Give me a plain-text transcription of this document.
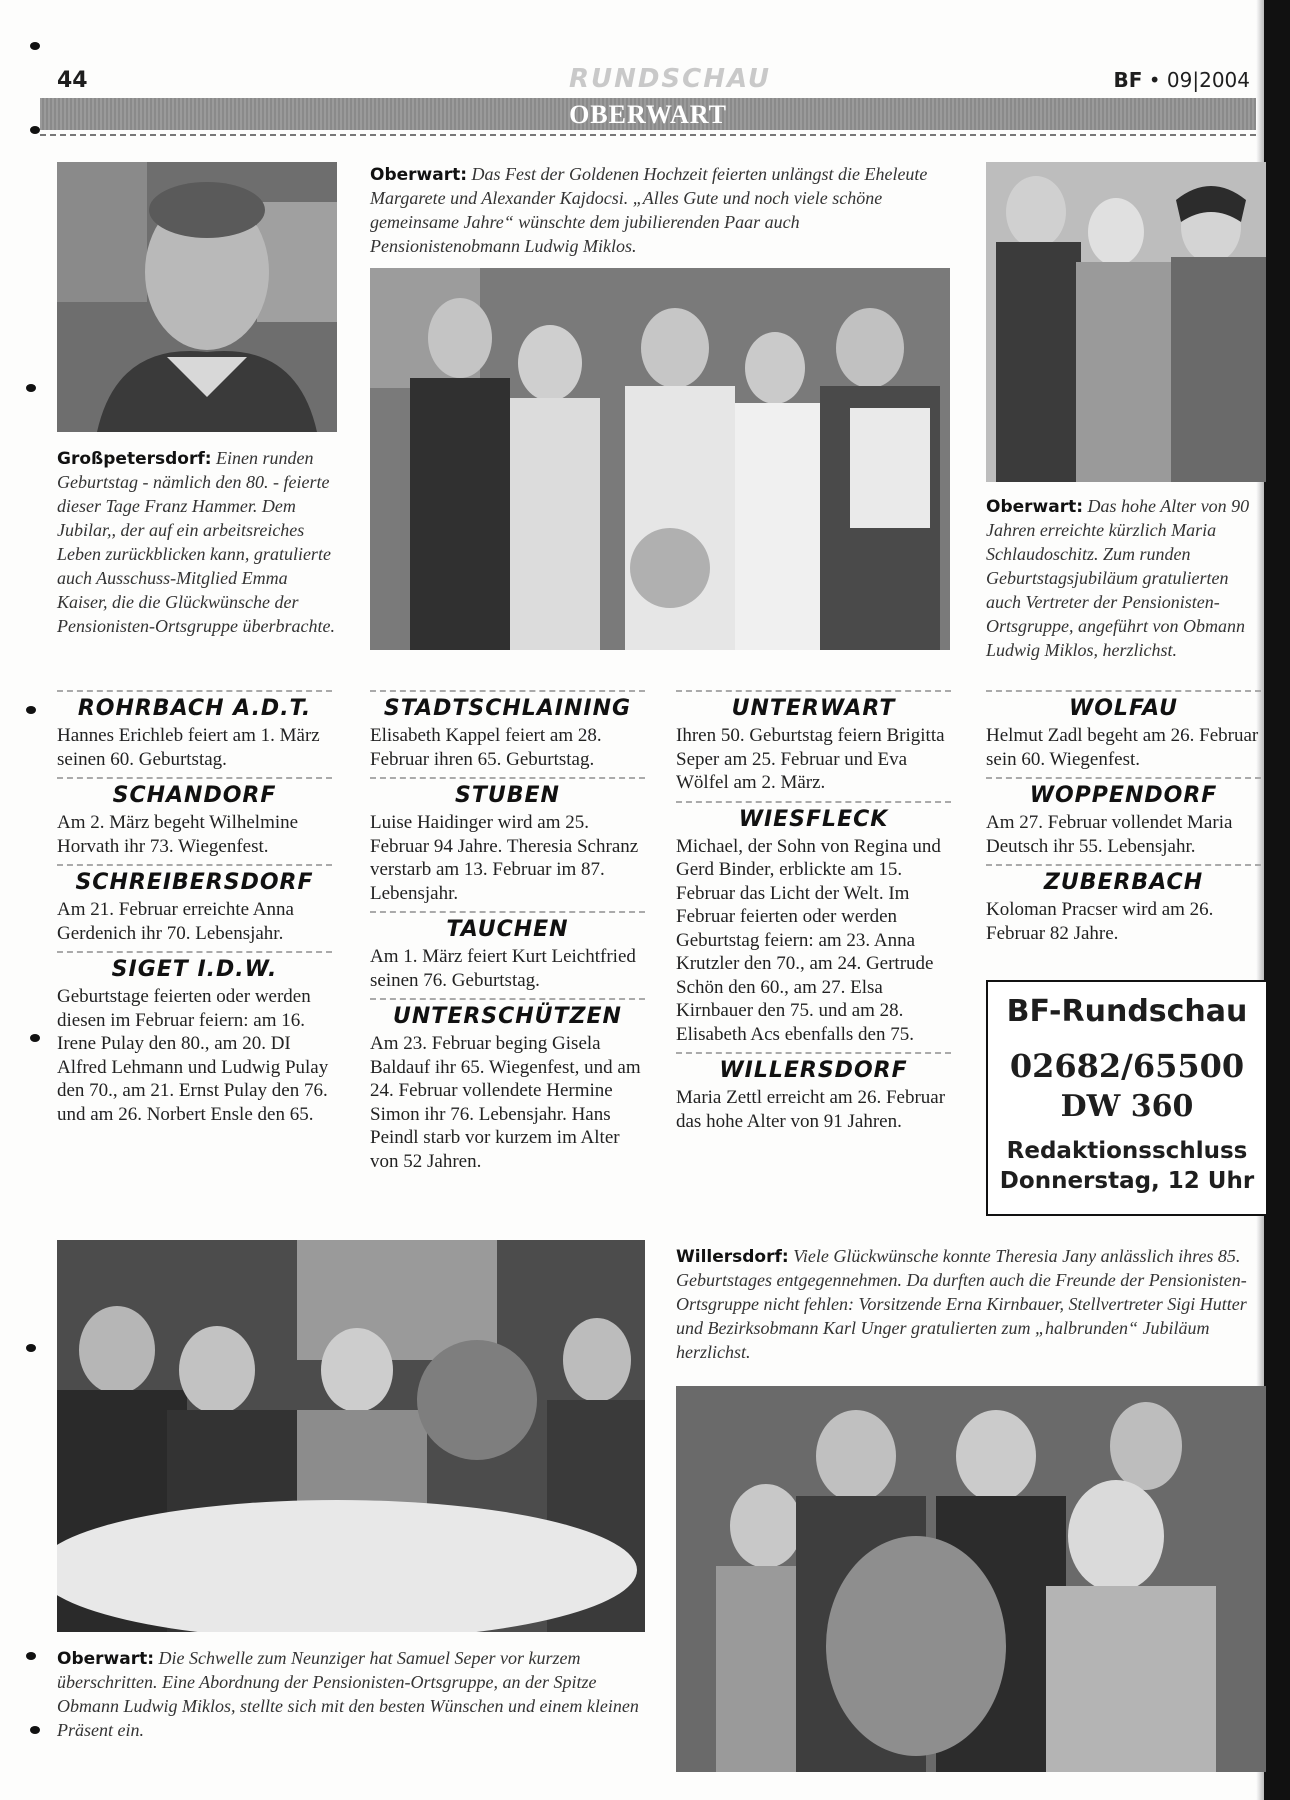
44	RUNDSCHAU	BF • 09|2004
OBERWART
Großpetersdorf: Einen runden Geburtstag - nämlich den 80. - feierte dieser Tage Franz Hammer. Dem Jubilar,, der auf ein arbeitsreiches Leben zurückblicken kann, gratulierte auch Ausschuss-Mitglied Emma Kaiser, die die Glückwünsche der Pensionisten-Ortsgruppe überbrachte.
Oberwart: Das Fest der Goldenen Hochzeit feierten unlängst die Eheleute Margarete und Alexander Kajdocsi. „Alles Gute und noch viele schöne gemeinsame Jahre“ wünschte dem jubilierenden Paar auch Pensionistenobmann Ludwig Miklos.
Oberwart: Das hohe Alter von 90 Jahren erreichte kürzlich Maria Schlaudoschitz. Zum runden Geburtstagsjubiläum gratulierten auch Vertreter der Pensionisten-Ortsgruppe, angeführt von Obmann Ludwig Miklos, herzlichst.
ROHRBACH A.D.T.
Hannes Erichleb feiert am 1. März seinen 60. Geburtstag.
SCHANDORF
Am 2. März begeht Wilhelmine Horvath ihr 73. Wiegenfest.
SCHREIBERSDORF
Am 21. Februar erreichte Anna Gerdenich ihr 70. Lebensjahr.
SIGET I.D.W.
Geburtstage feierten oder werden diesen im Februar feiern: am 16. Irene Pulay den 80., am 20. DI Alfred Lehmann und Ludwig Pulay den 70., am 21. Ernst Pulay den 76. und am 26. Norbert Ensle den 65.
STADTSCHLAINING
Elisabeth Kappel feiert am 28. Februar ihren 65. Geburtstag.
STUBEN
Luise Haidinger wird am 25. Februar 94 Jahre. Theresia Schranz verstarb am 13. Februar im 87. Lebensjahr.
TAUCHEN
Am 1. März feiert Kurt Leichtfried seinen 76. Geburtstag.
UNTERSCHÜTZEN
Am 23. Februar beging Gisela Baldauf ihr 65. Wiegenfest, und am 24. Februar vollendete Hermine Simon ihr 76. Lebensjahr. Hans Peindl starb vor kurzem im Alter von 52 Jahren.
UNTERWART
Ihren 50. Geburtstag feiern Brigitta Seper am 25. Februar und Eva Wölfel am 2. März.
WIESFLECK
Michael, der Sohn von Regina und Gerd Binder, erblickte am 15. Februar das Licht der Welt. Im Februar feierten oder werden Geburtstag feiern: am 23. Anna Krutzler den 70., am 24. Gertrude Schön den 60., am 27. Elsa Kirnbauer den 75. und am 28. Elisabeth Acs ebenfalls den 75.
WILLERSDORF
Maria Zettl erreicht am 26. Februar das hohe Alter von 91 Jahren.
WOLFAU
Helmut Zadl begeht am 26. Februar sein 60. Wiegenfest.
WOPPENDORF
Am 27. Februar vollendet Maria Deutsch ihr 55. Lebensjahr.
ZUBERBACH
Koloman Pracser wird am 26. Februar 82 Jahre.
BF-Rundschau
02682/65500
DW 360
Redaktionsschluss
Donnerstag, 12 Uhr
Oberwart: Die Schwelle zum Neunziger hat Samuel Seper vor kurzem überschritten. Eine Abordnung der Pensionisten-Ortsgruppe, an der Spitze Obmann Ludwig Miklos, stellte sich mit den besten Wünschen und einem kleinen Präsent ein.
Willersdorf: Viele Glückwünsche konnte Theresia Jany anlässlich ihres 85. Geburtstages entgegennehmen. Da durften auch die Freunde der Pensionisten-Ortsgruppe nicht fehlen: Vorsitzende Erna Kirnbauer, Stellvertreter Sigi Hutter und Bezirksobmann Karl Unger gratulierten zum „halbrunden“ Jubiläum herzlichst.
